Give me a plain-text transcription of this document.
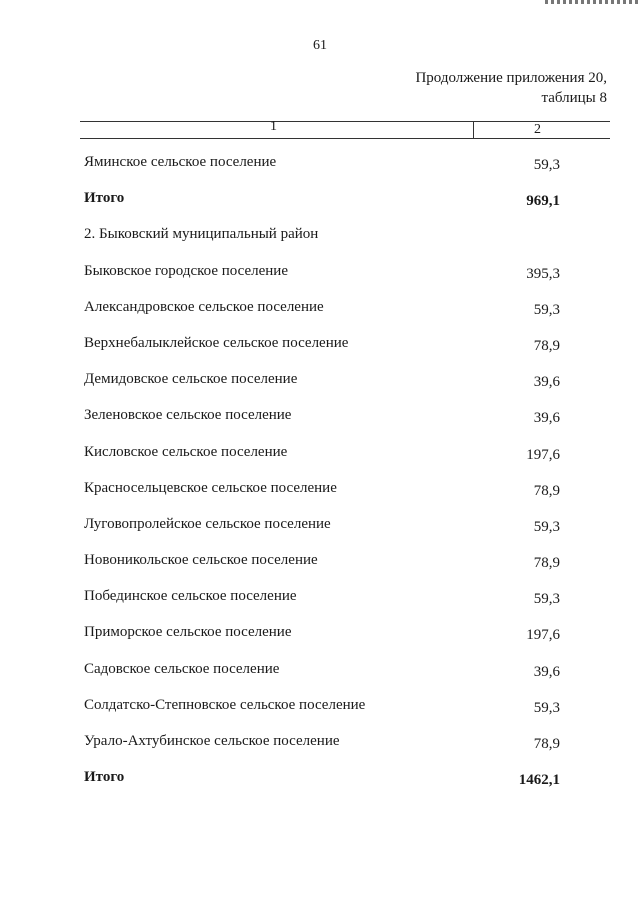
61
Продолжение приложения 20,
таблицы 8
1	2
Яминское сельское поселение	59,3
Итого	969,1
2. Быковский муниципальный район
Быковское городское поселение	395,3
Александровское сельское поселение	59,3
Верхнебалыклейское сельское поселение	78,9
Демидовское сельское поселение	39,6
Зеленовское сельское поселение	39,6
Кисловское сельское поселение	197,6
Красносельцевское сельское поселение	78,9
Луговопролейское сельское поселение	59,3
Новоникольское сельское поселение	78,9
Побединское сельское поселение	59,3
Приморское сельское поселение	197,6
Садовское сельское поселение	39,6
Солдатско-Степновское сельское поселение	59,3
Урало-Ахтубинское сельское поселение	78,9
Итого	1462,1
